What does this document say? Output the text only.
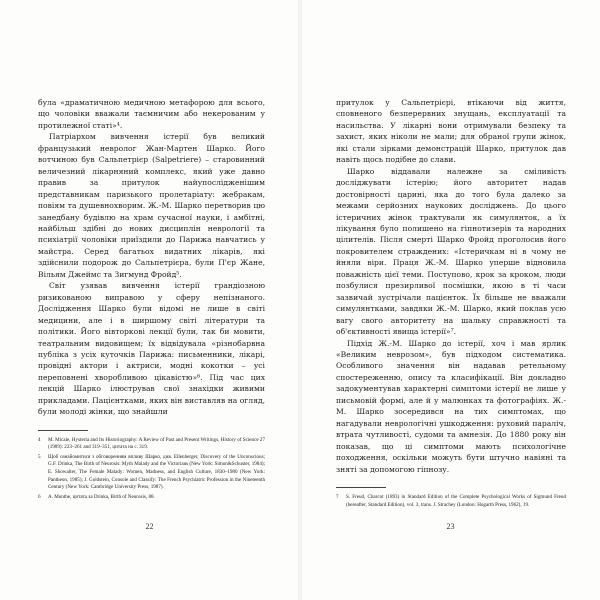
була «драматичною медичною метафорою для всього, що чоловіки вважали таємничим або некерованим у протилежної статі»⁴.

Патріархом вивчення істерії був великий французький невролог Жан-Мартен Шарко. Його вотчиною був Сальпетрієр (Salpetriere) – старовинний величезний лікарняний комплекс, який уже давно правив за притулок найупослідженішим представникам паризького пролетаріату: жебракам, повіям та душевнохворим. Ж.-М. Шарко перетворив цю занедбану будівлю на храм сучасної науки, і амбітні, найбільш здібні до нових дисциплін неврології та психіатрії чоловіки приїздили до Парижа навчатись у майстра. Серед багатьох видатних лікарів, які здійснили подорож до Сальпетрієра, були П'єр Жане, Вільям Джеймс та Зигмунд Фройд⁵.

Світ узявав вивчення істерії грандіозною ризикованою виправою у сферу непізнаного. Дослідження Шарко були відомі не лише в світі медицини, але і в ширшому світі літератури та політики. Його вівторкові лекції були, так би мовити, театральним видовищем; їх відвідувала «різнобарвна публіка з усіх куточків Парижа: письменники, лікарі, провідні актори і актриси, модні кокотки – усі переповнені хворобливою цікавістю»⁶. Під час цих лекцій Шарко ілюстрував свої знахідки живими прикладами. Пацієнтками, яких він виставляв на огляд, були молоді жінки, що знайшли

4 M. Micale, Hysteria and Its Historiography: A Review of Past and Present Writings, History of Science 27 (1989): 223–261 and 319–351, цитата на с. 319.

5 Щоб ознайомитися з обговоренням впливу Шарко, див. Ellenberger, Discovery of the Unconscious; G.F. Drinka, The Birth of Neurosis: Myth Malady and the Victorians (New York: Simon&Schuster, 1984); E. Showalter, The Female Malady: Women, Madness, and English Culture, 1830–1980 (New York: Pantheon, 1985); J. Goldstein, Console and Classify: The French Psychiatric Profession in the Nineteenth Century (New York: Cambridge University Press, 1987).

6 A. Munthe, цитата за Drinka, Birth of Neurosis, 88.

22

притулок у Сальпетрієрі, втікаючи від життя, сповненого безперервних знущань, експлуатації та насильства. У лікарні вони отримували безпеку та захист, яких ніколи не мали; для обраної групи жінок, які стали зірками демонстрацій Шарко, притулок дав навіть щось подібне до слави.

Шарко віддавали належне за сміливість досліджувати істерію; його авторитет надав достовірності царині, яка до того була далеко за межами серйозних наукових досліджень. До цього істеричних жінок трактували як симулянток, а їх лікування було полишено на гіпнотизерів та народних цілителів. Після смерті Шарко Фройд проголосив його покровителем страждених: «Істеричкам ні в чому не йняли віри. Праця Ж.-М. Шарко уперше відновила поважність цієї теми. Поступово, крок за кроком, люди позбулися презирливої посмішки, якою в ті часи зазвичай зустрічали пацієнток. Їх більше не вважали симулянтками, завдяки Ж.-М. Шарко, який поклав усю вагу свого авторитету на шальку справжності та об'єктивності явища істерії»⁷.

Підхід Ж.-М. Шарко до істерії, хоч і мав ярлик «Великим неврозом», був підходом систематика. Особливого значення він надавав ретельному спостереженню, опису та класифікації. Він докладно задокументував характерні симптоми істерії не лише у письмовій формі, але й у малюнках та фотографіях. Ж.-М. Шарко зосередився на тих симптомах, що нагадували неврологічні ушкодження: руховий параліч, втрата чутливості, судоми та амнезія. До 1880 року він показав, що ці симптоми мають психологічне походження, оскільки можуть бути штучно навіяні та зняті за допомогою гіпнозу.

7 S. Freud, Charcot (1893) in Standard Edition of the Complete Psychological Works of Sigmund Freud (hereafter, Standard Edition), vol. 3, trans. J. Strachey (London: Hogarth Press, 1962), 19.

23
